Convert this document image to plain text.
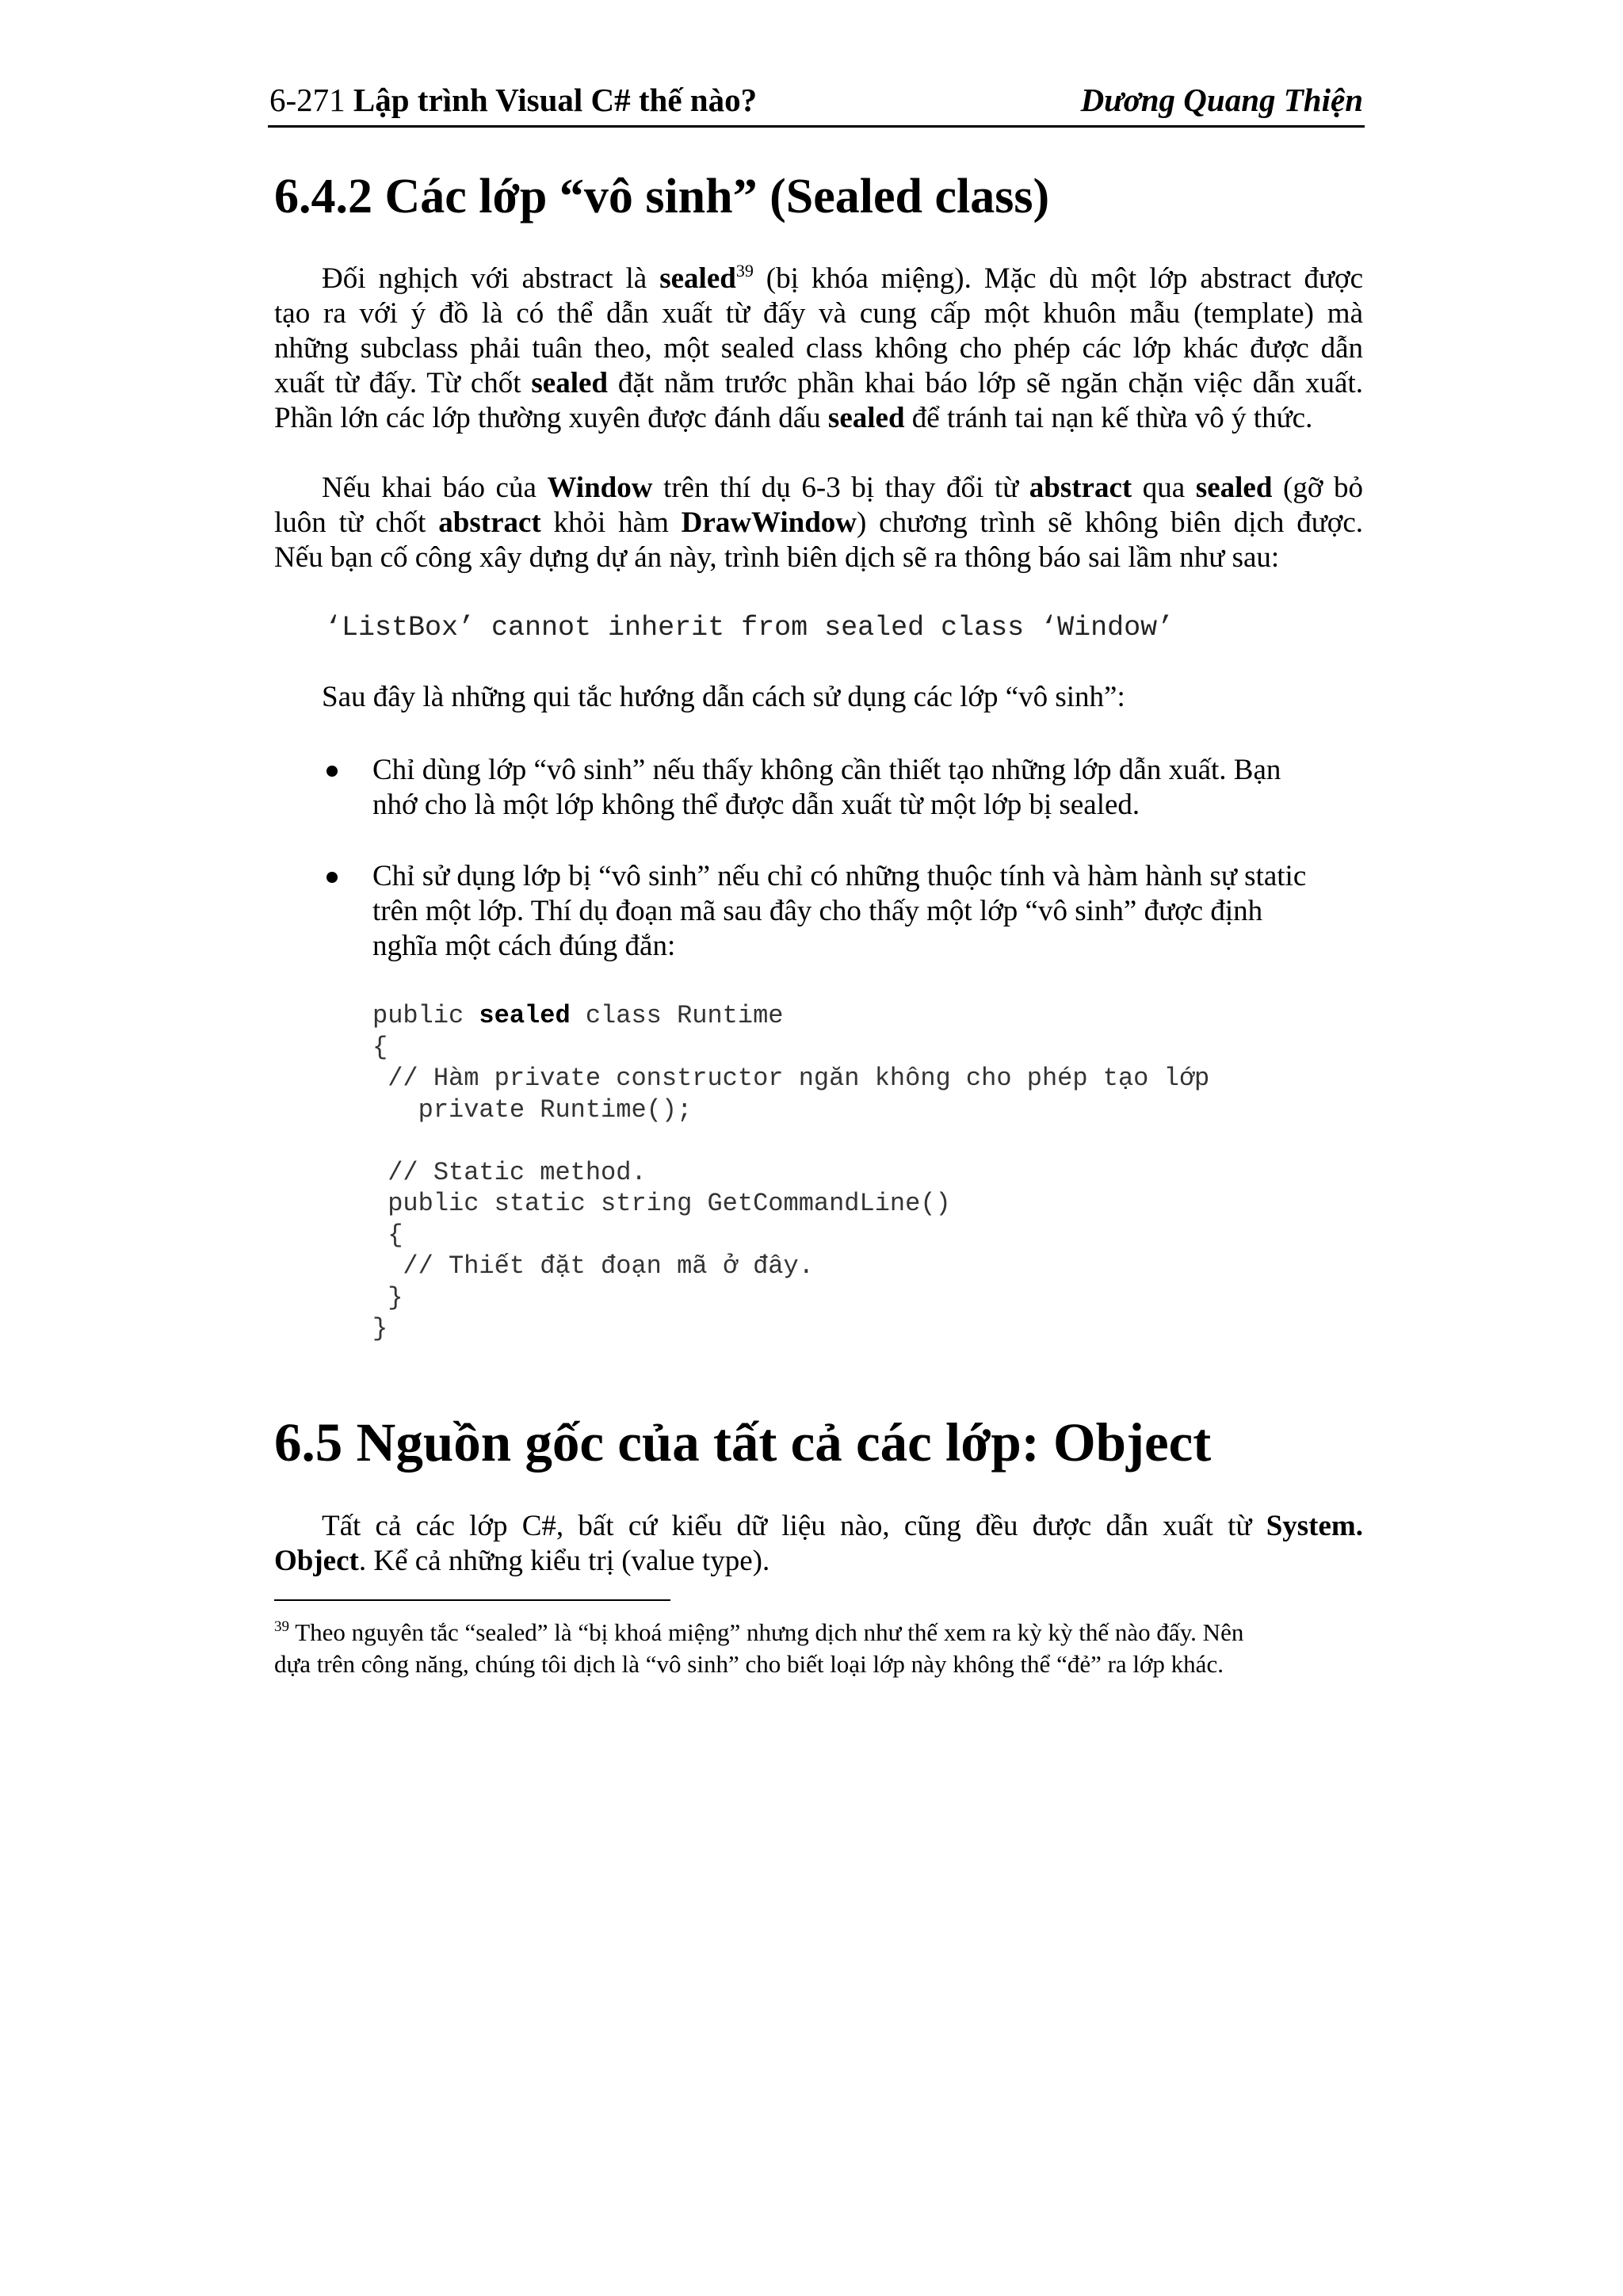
6-271 Lập trình Visual C# thế nào?	Dương Quang Thiện
6.4.2 Các lớp “vô sinh” (Sealed class)
Đối nghịch với abstract là sealed$^{39}$ (bị khóa miệng). Mặc dù một lớp abstract được
tạo ra với ý đồ là có thể dẫn xuất từ đấy và cung cấp một khuôn mẫu (template) mà
những subclass phải tuân theo, một sealed class không cho phép các lớp khác được dẫn
xuất từ đấy. Từ chốt sealed đặt nằm trước phần khai báo lớp sẽ ngăn chặn việc dẫn xuất.
Phần lớn các lớp thường xuyên được đánh dấu sealed để tránh tai nạn kế thừa vô ý thức.
Nếu khai báo của Window trên thí dụ 6-3 bị thay đổi từ abstract qua sealed (gỡ bỏ
luôn từ chốt abstract khỏi hàm DrawWindow) chương trình sẽ không biên dịch được.
Nếu bạn cố công xây dựng dự án này, trình biên dịch sẽ ra thông báo sai lầm như sau:
‘ListBox’ cannot inherit from sealed class ‘Window’
Sau đây là những qui tắc hướng dẫn cách sử dụng các lớp “vô sinh”:
Chỉ dùng lớp “vô sinh” nếu thấy không cần thiết tạo những lớp dẫn xuất. Bạn
nhớ cho là một lớp không thể được dẫn xuất từ một lớp bị sealed.
Chỉ sử dụng lớp bị “vô sinh” nếu chỉ có những thuộc tính và hàm hành sự static
trên một lớp. Thí dụ đoạn mã sau đây cho thấy một lớp “vô sinh” được định
nghĩa một cách đúng đắn:
public sealed class Runtime
{
// Hàm private constructor ngăn không cho phép tạo lớp
private Runtime();

// Static method.
public static string GetCommandLine()
{
// Thiết đặt đoạn mã ở đây.
}
}
6.5 Nguồn gốc của tất cả các lớp: Object
Tất cả các lớp C#, bất cứ kiểu dữ liệu nào, cũng đều được dẫn xuất từ System.
Object. Kể cả những kiểu trị (value type).
$^{39}$ Theo nguyên tắc “sealed” là “bị khoá miệng” nhưng dịch như thế xem ra kỳ kỳ thế nào đấy. Nên
dựa trên công năng, chúng tôi dịch là “vô sinh” cho biết loại lớp này không thể “đẻ” ra lớp khác.
